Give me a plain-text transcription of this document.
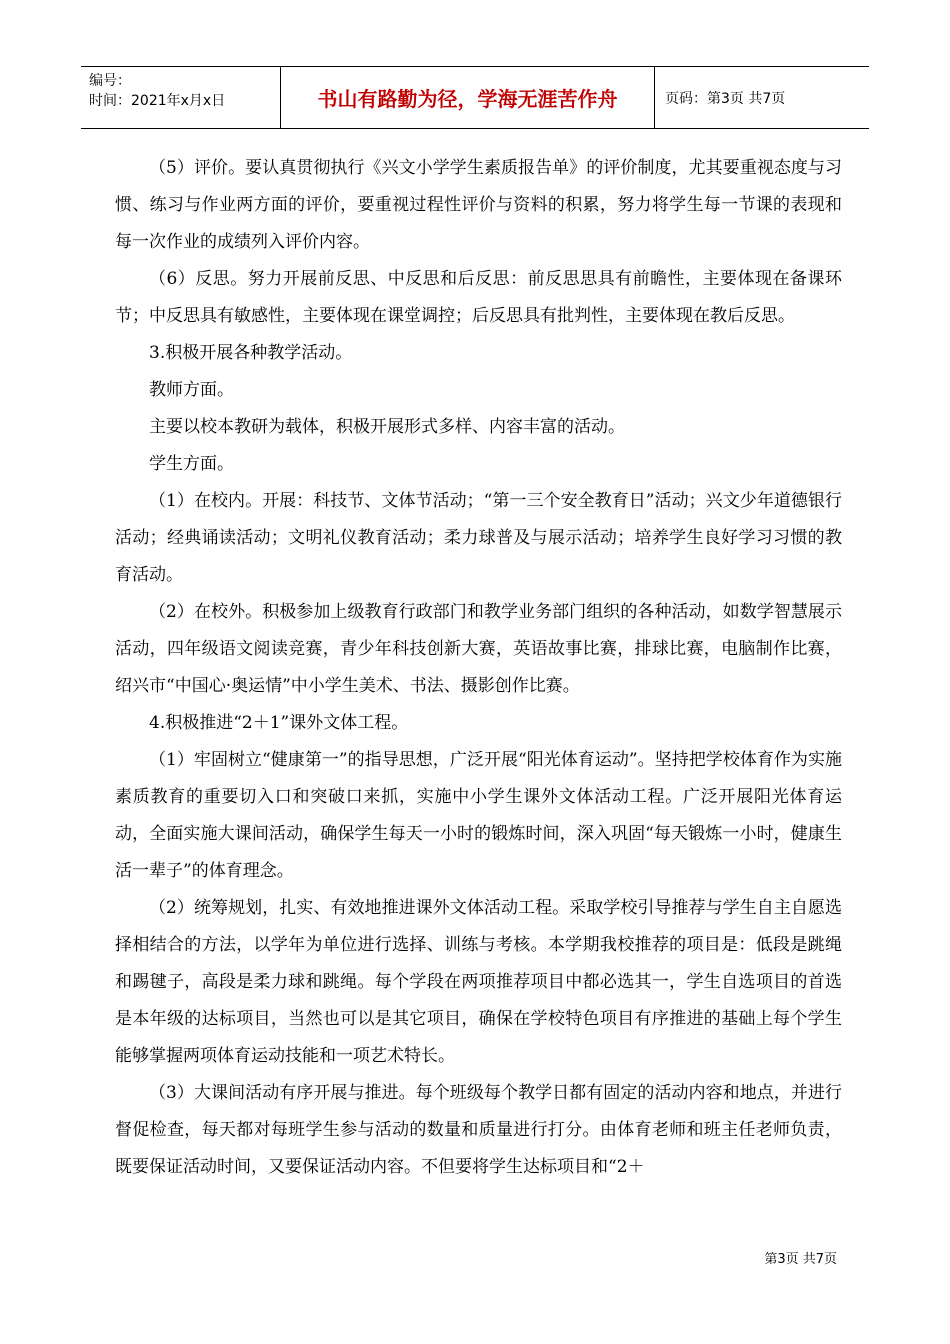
编号：
时间：2021年x月x日	书山有路勤为径，学海无涯苦作舟	页码：第3页 共7页

（5）评价。要认真贯彻执行《兴文小学学生素质报告单》的评价制度，尤其要重视态度与习惯、练习与作业两方面的评价，要重视过程性评价与资料的积累，努力将学生每一节课的表现和每一次作业的成绩列入评价内容。

（6）反思。努力开展前反思、中反思和后反思：前反思思具有前瞻性，主要体现在备课环节；中反思具有敏感性，主要体现在课堂调控；后反思具有批判性，主要体现在教后反思。

3.积极开展各种教学活动。

教师方面。

主要以校本教研为载体，积极开展形式多样、内容丰富的活动。

学生方面。

（1）在校内。开展：科技节、文体节活动；“第一三个安全教育日”活动；兴文少年道德银行活动；经典诵读活动；文明礼仪教育活动；柔力球普及与展示活动；培养学生良好学习习惯的教育活动。

（2）在校外。积极参加上级教育行政部门和教学业务部门组织的各种活动，如数学智慧展示活动，四年级语文阅读竞赛，青少年科技创新大赛，英语故事比赛，排球比赛，电脑制作比赛，绍兴市“中国心·奥运情”中小学生美术、书法、摄影创作比赛。

4.积极推进“2＋1”课外文体工程。

（1）牢固树立“健康第一”的指导思想，广泛开展“阳光体育运动”。坚持把学校体育作为实施素质教育的重要切入口和突破口来抓，实施中小学生课外文体活动工程。广泛开展阳光体育运动，全面实施大课间活动，确保学生每天一小时的锻炼时间，深入巩固“每天锻炼一小时，健康生活一辈子”的体育理念。

（2）统筹规划，扎实、有效地推进课外文体活动工程。采取学校引导推荐与学生自主自愿选择相结合的方法，以学年为单位进行选择、训练与考核。本学期我校推荐的项目是：低段是跳绳和踢毽子，高段是柔力球和跳绳。每个学段在两项推荐项目中都必选其一，学生自选项目的首选是本年级的达标项目，当然也可以是其它项目，确保在学校特色项目有序推进的基础上每个学生能够掌握两项体育运动技能和一项艺术特长。

（3）大课间活动有序开展与推进。每个班级每个教学日都有固定的活动内容和地点，并进行督促检查，每天都对每班学生参与活动的数量和质量进行打分。由体育老师和班主任老师负责，既要保证活动时间，又要保证活动内容。不但要将学生达标项目和“2＋

第3页 共7页
